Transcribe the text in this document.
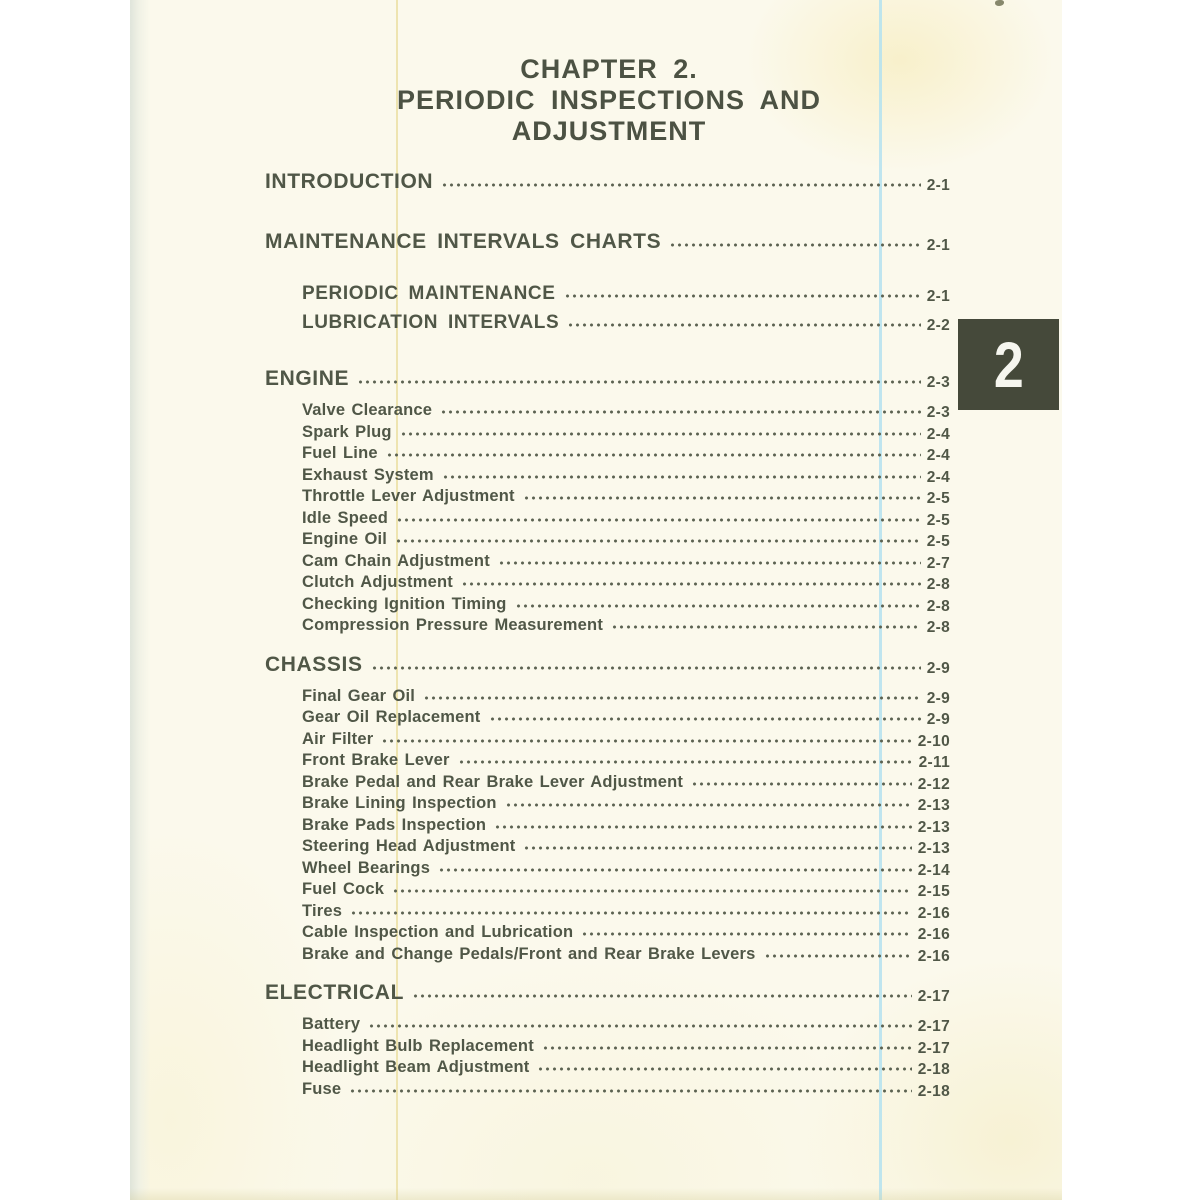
CHAPTER 2.
PERIODIC INSPECTIONS AND
ADJUSTMENT
2
INTRODUCTION	2-1
MAINTENANCE INTERVALS CHARTS	2-1
PERIODIC MAINTENANCE	2-1
LUBRICATION INTERVALS	2-2
ENGINE	2-3
Valve Clearance	2-3
Spark Plug	2-4
Fuel Line	2-4
Exhaust System	2-4
Throttle Lever Adjustment	2-5
Idle Speed	2-5
Engine Oil	2-5
Cam Chain Adjustment	2-7
Clutch Adjustment	2-8
Checking Ignition Timing	2-8
Compression Pressure Measurement	2-8
CHASSIS	2-9
Final Gear Oil	2-9
Gear Oil Replacement	2-9
Air Filter	2-10
Front Brake Lever	2-11
Brake Pedal and Rear Brake Lever Adjustment	2-12
Brake Lining Inspection	2-13
Brake Pads Inspection	2-13
Steering Head Adjustment	2-13
Wheel Bearings	2-14
Fuel Cock	2-15
Tires	2-16
Cable Inspection and Lubrication	2-16
Brake and Change Pedals/Front and Rear Brake Levers	2-16
ELECTRICAL	2-17
Battery	2-17
Headlight Bulb Replacement	2-17
Headlight Beam Adjustment	2-18
Fuse	2-18
